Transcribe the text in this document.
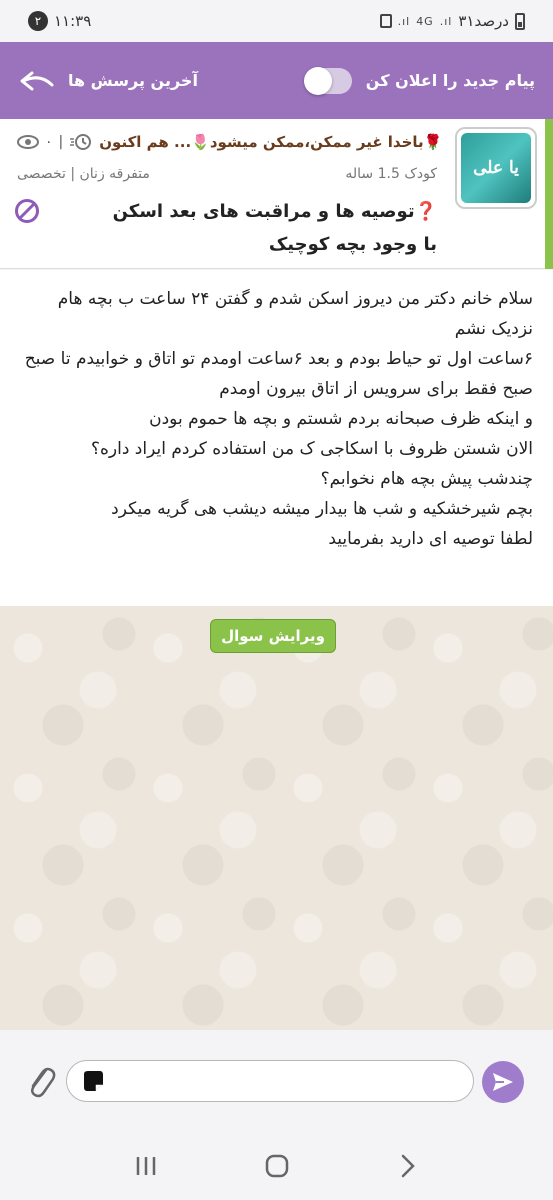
۲ ۱۱:۳۹	.ıl 4G .ıl ۳۱درصد
آخرین پرسش ها	پیام جدید را اعلان کن
یا علی
۰ | 🌹باخدا غیر ممکن،ممکن میشود🌷... هم اکنون
کودک 1.5 ساله
متفرقه زنان | تخصصی
❓توصیه ها و مراقبت های بعد اسکن با وجود بچه کوچیک
سلام خانم دکتر من دیروز اسکن شدم و گفتن ۲۴ ساعت ب بچه هام نزدیک نشم
۶ساعت اول تو حیاط بودم و بعد ۶ساعت اومدم تو اتاق و خوابیدم تا صبح
صبح فقط برای سرویس از اتاق بیرون اومدم
و اینکه ظرف صبحانه بردم شستم و بچه ها حموم بودن
الان شستن ظروف با اسکاجی ک من استفاده کردم ایراد داره؟
چندشب پیش بچه هام نخوابم؟
بچم شیرخشکیه و شب ها بیدار میشه دیشب هی گریه میکرد
لطفا توصیه ای دارید بفرمایید
ویرایش سوال
